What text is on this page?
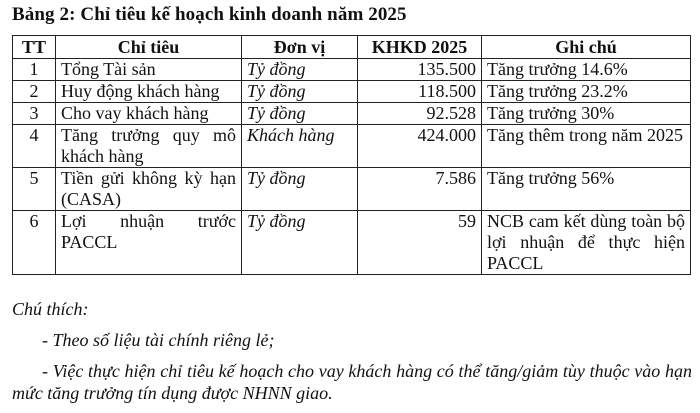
Bảng 2: Chỉ tiêu kế hoạch kinh doanh năm 2025
TT	Chỉ tiêu	Đơn vị	KHKD 2025	Ghi chú
1	Tổng Tài sản	Tỷ đồng	135.500	Tăng trưởng 14.6%
2	Huy động khách hàng	Tỷ đồng	118.500	Tăng trưởng 23.2%
3	Cho vay khách hàng	Tỷ đồng	92.528	Tăng trưởng 30%
4	Tăng trưởng quy mô khách hàng	Khách hàng	424.000	Tăng thêm trong năm 2025
5	Tiền gửi không kỳ hạn (CASA)	Tỷ đồng	7.586	Tăng trưởng 56%
6	Lợi nhuận trước PACCL	Tỷ đồng	59	NCB cam kết dùng toàn bộ lợi nhuận để thực hiện PACCL

Chú thích:

- Theo số liệu tài chính riêng lẻ;

- Việc thực hiện chỉ tiêu kế hoạch cho vay khách hàng có thể tăng/giảm tùy thuộc vào hạn mức tăng trưởng tín dụng được NHNN giao.
